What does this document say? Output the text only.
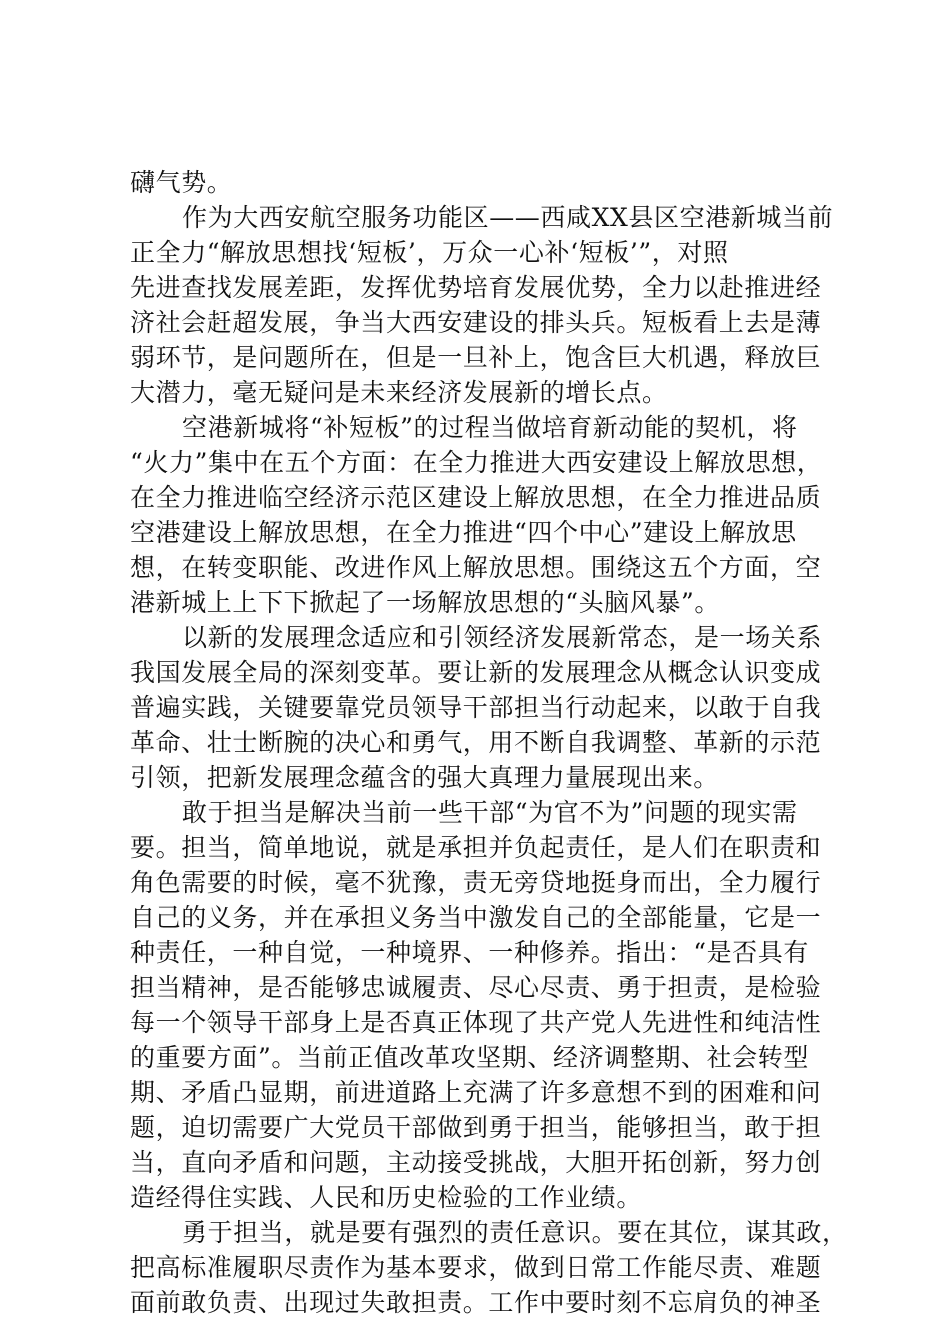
礴气势。

作为大西安航空服务功能区——西咸XX县区空港新城当前

正全力“解放思想找‘短板’，万众一心补‘短板’”，对照

先进查找发展差距，发挥优势培育发展优势，全力以赴推进经

济社会赶超发展，争当大西安建设的排头兵。短板看上去是薄

弱环节，是问题所在，但是一旦补上，饱含巨大机遇，释放巨

大潜力，毫无疑问是未来经济发展新的增长点。

空港新城将“补短板”的过程当做培育新动能的契机，将

“火力”集中在五个方面：在全力推进大西安建设上解放思想，

在全力推进临空经济示范区建设上解放思想，在全力推进品质

空港建设上解放思想，在全力推进“四个中心”建设上解放思

想，在转变职能、改进作风上解放思想。围绕这五个方面，空

港新城上上下下掀起了一场解放思想的“头脑风暴”。

以新的发展理念适应和引领经济发展新常态，是一场关系

我国发展全局的深刻变革。要让新的发展理念从概念认识变成

普遍实践，关键要靠党员领导干部担当行动起来，以敢于自我

革命、壮士断腕的决心和勇气，用不断自我调整、革新的示范

引领，把新发展理念蕴含的强大真理力量展现出来。

敢于担当是解决当前一些干部“为官不为”问题的现实需

要。担当，简单地说，就是承担并负起责任，是人们在职责和

角色需要的时候，毫不犹豫，责无旁贷地挺身而出，全力履行

自己的义务，并在承担义务当中激发自己的全部能量，它是一

种责任，一种自觉，一种境界、一种修养。指出：“是否具有

担当精神，是否能够忠诚履责、尽心尽责、勇于担责，是检验

每一个领导干部身上是否真正体现了共产党人先进性和纯洁性

的重要方面”。当前正值改革攻坚期、经济调整期、社会转型

期、矛盾凸显期，前进道路上充满了许多意想不到的困难和问

题，迫切需要广大党员干部做到勇于担当，能够担当，敢于担

当，直向矛盾和问题，主动接受挑战，大胆开拓创新，努力创

造经得住实践、人民和历史检验的工作业绩。

勇于担当，就是要有强烈的责任意识。要在其位，谋其政，

把高标准履职尽责作为基本要求，做到日常工作能尽责、难题

面前敢负责、出现过失敢担责。工作中要时刻不忘肩负的神圣
